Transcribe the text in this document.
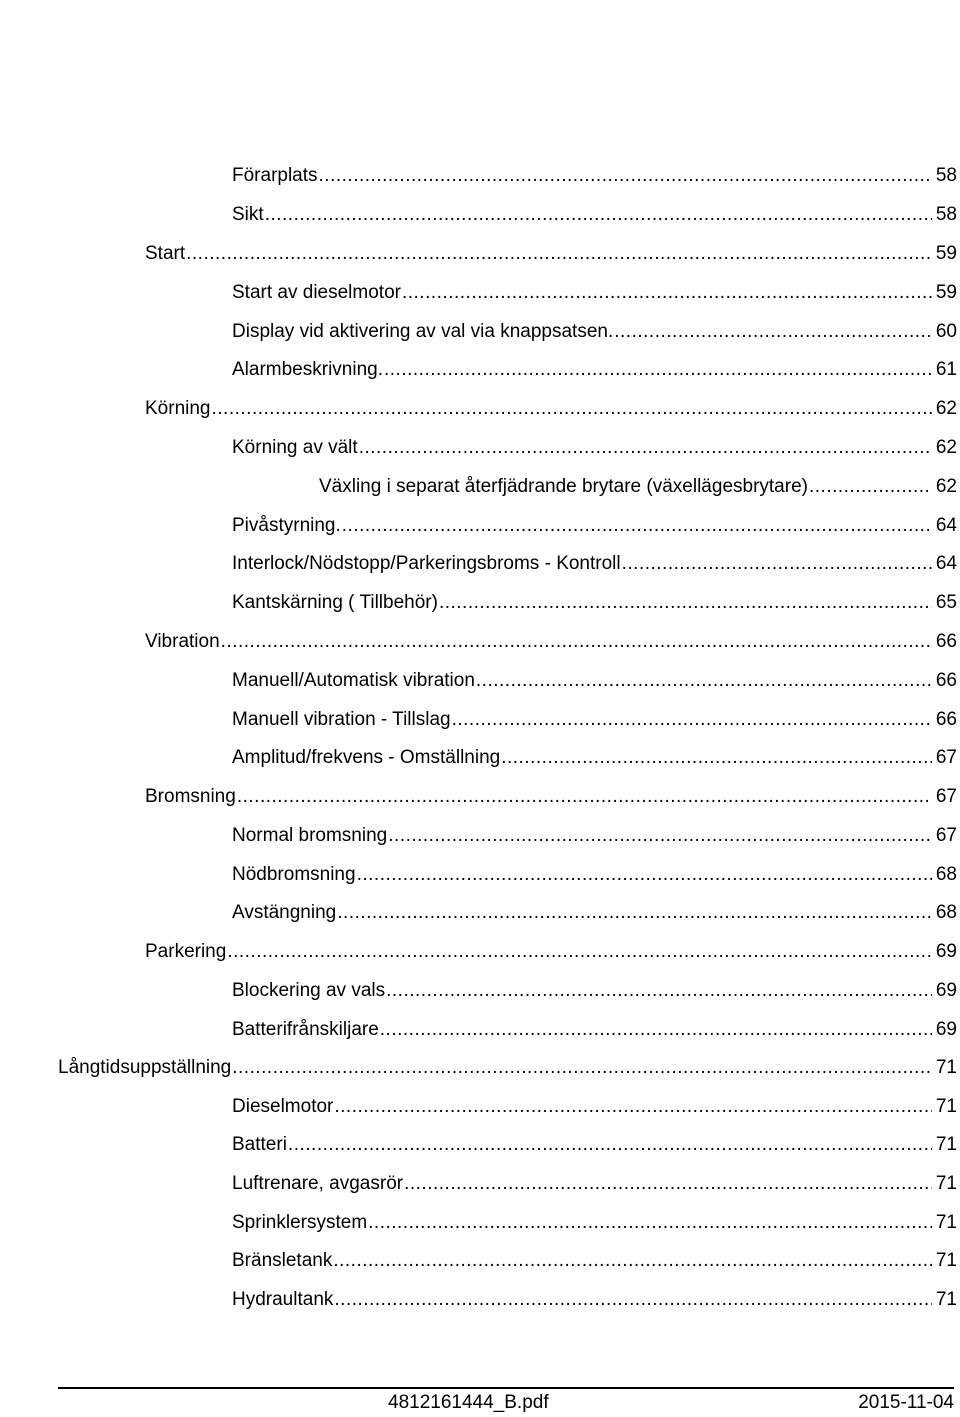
Förarplats .....	58
Sikt .....	58
Start .....	59
Start av dieselmotor .....	59
Display vid aktivering av val via knappsatsen. .....	60
Alarmbeskrivning. .....	61
Körning .....	62
Körning av vält .....	62
Växling i separat återfjädrande brytare (växellägesbrytare) .....	62
Pivåstyrning. .....	64
Interlock/Nödstopp/Parkeringsbroms - Kontroll .....	64
Kantskärning ( Tillbehör) .....	65
Vibration .....	66
Manuell/Automatisk vibration .....	66
Manuell vibration - Tillslag .....	66
Amplitud/frekvens - Omställning .....	67
Bromsning .....	67
Normal bromsning .....	67
Nödbromsning .....	68
Avstängning .....	68
Parkering .....	69
Blockering av vals .....	69
Batterifrånskiljare .....	69
Långtidsuppställning .....	71
Dieselmotor .....	71
Batteri .....	71
Luftrenare, avgasrör .....	71
Sprinklersystem .....	71
Bränsletank .....	71
Hydraultank .....	71
4812161444_B.pdf	2015-11-04
